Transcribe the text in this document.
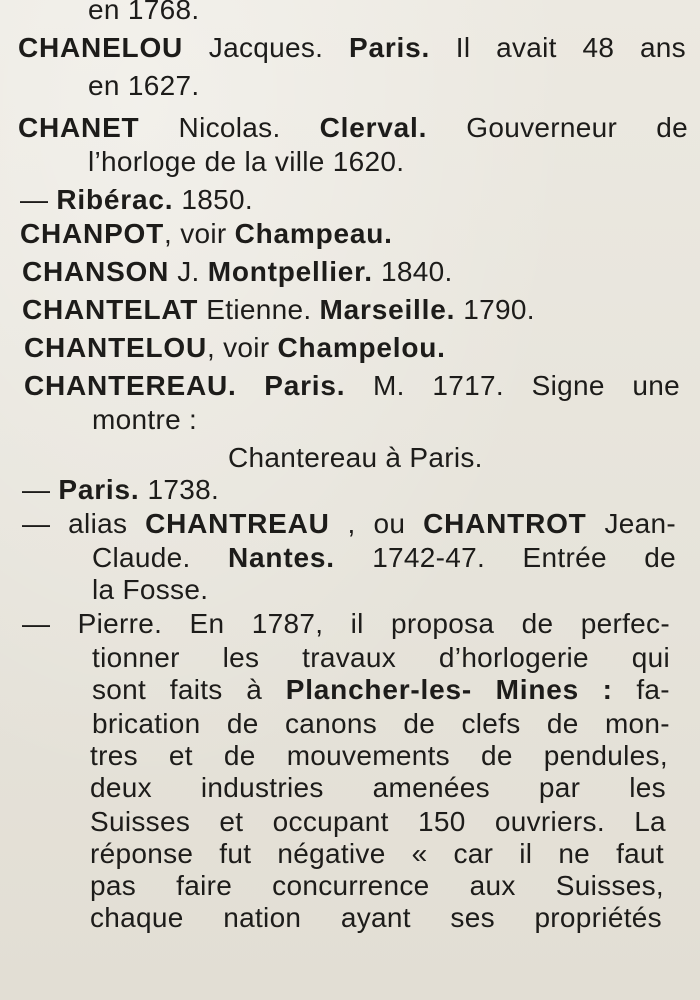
en 1768.
CHANELOU Jacques. Paris. Il avait 48 ans
en 1627.
CHANET Nicolas. Clerval. Gouverneur de
l’horloge de la ville 1620.
— Ribérac. 1850.
CHANPOT, voir Champeau.
CHANSON J. Montpellier. 1840.
CHANTELAT Etienne. Marseille. 1790.
CHANTELOU, voir Champelou.
CHANTEREAU. Paris. M. 1717. Signe une
montre :
Chantereau à Paris.
— Paris. 1738.
— alias CHANTREAU , ou CHANTROT Jean-
Claude. Nantes. 1742-47. Entrée de
la Fosse.
— Pierre. En 1787, il proposa de perfec-
tionner les travaux d’horlogerie qui
sont faits à Plancher-les- Mines : fa-
brication de canons de clefs de mon-
tres et de mouvements de pendules,
deux industries amenées par les
Suisses et occupant 150 ouvriers. La
réponse fut négative « car il ne faut
pas faire concurrence aux Suisses,
chaque nation ayant ses propriétés
